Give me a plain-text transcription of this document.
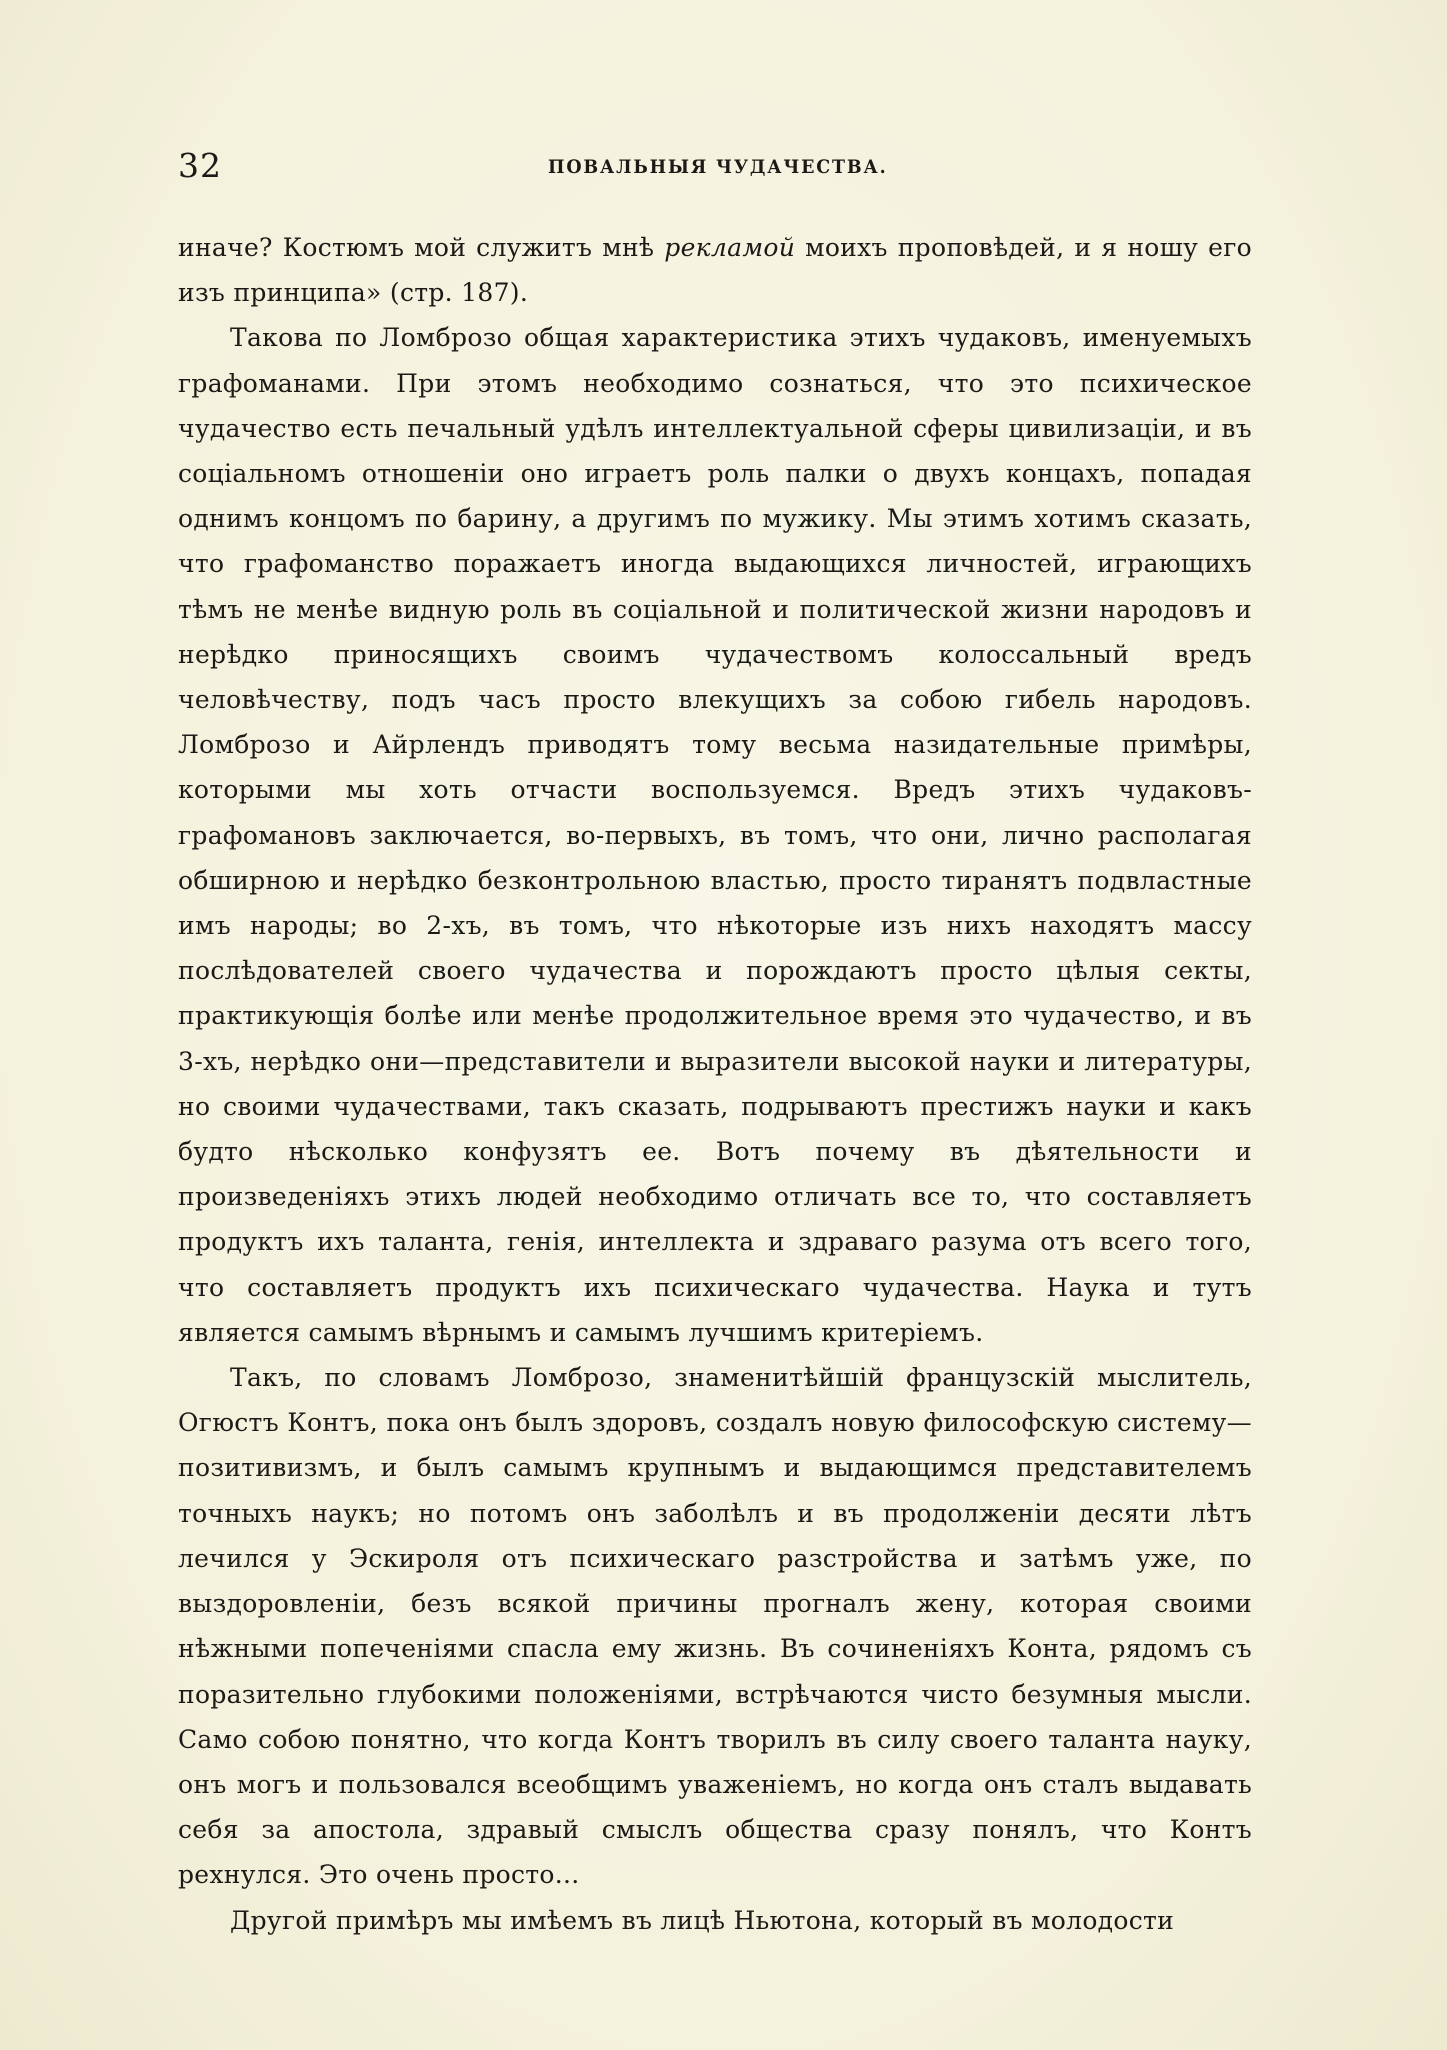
32	ПОВАЛЬНЫЯ ЧУДАЧЕСТВА.

иначе? Костюмъ мой служитъ мнѣ рекламой моихъ проповѣдей, и я ношу его изъ принципа» (стр. 187).

Такова по Ломброзо общая характеристика этихъ чудаковъ, именуемыхъ графоманами. При этомъ необходимо сознаться, что это психическое чудачество есть печальный удѣлъ интеллектуальной сферы цивилизаціи, и въ соціальномъ отношеніи оно играетъ роль палки о двухъ концахъ, попадая однимъ концомъ по барину, а другимъ по мужику. Мы этимъ хотимъ сказать, что графоманство поражаетъ иногда выдающихся личностей, играющихъ тѣмъ не менѣе видную роль въ соціальной и политической жизни народовъ и нерѣдко приносящихъ своимъ чудачествомъ колоссальный вредъ человѣчеству, подъ часъ просто влекущихъ за собою гибель народовъ. Ломброзо и Айрлендъ приводятъ тому весьма назидательные примѣры, которыми мы хоть отчасти воспользуемся. Вредъ этихъ чудаковъ-графомановъ заключается, во-первыхъ, въ томъ, что они, лично располагая обширною и нерѣдко безконтрольною властью, просто тиранятъ подвластные имъ народы; во 2-хъ, въ томъ, что нѣкоторые изъ нихъ находятъ массу послѣдователей своего чудачества и порождаютъ просто цѣлыя секты, практикующія болѣе или менѣе продолжительное время это чудачество, и въ 3-хъ, нерѣдко они—представители и выразители высокой науки и литературы, но своими чудачествами, такъ сказать, подрываютъ престижъ науки и какъ будто нѣсколько конфузятъ ее. Вотъ почему въ дѣятельности и произведеніяхъ этихъ людей необходимо отличать все то, что составляетъ продуктъ ихъ таланта, генія, интеллекта и здраваго разума отъ всего того, что составляетъ продуктъ ихъ психическаго чудачества. Наука и тутъ является самымъ вѣрнымъ и самымъ лучшимъ критеріемъ.

Такъ, по словамъ Ломброзо, знаменитѣйшій французскій мыслитель, Огюстъ Контъ, пока онъ былъ здоровъ, создалъ новую философскую систему—позитивизмъ, и былъ самымъ крупнымъ и выдающимся представителемъ точныхъ наукъ; но потомъ онъ заболѣлъ и въ продолженіи десяти лѣтъ лечился у Эскироля отъ психическаго разстройства и затѣмъ уже, по выздоровленіи, безъ всякой причины прогналъ жену, которая своими нѣжными попеченіями спасла ему жизнь. Въ сочиненіяхъ Конта, рядомъ съ поразительно глубокими положеніями, встрѣчаются чисто безумныя мысли. Само собою понятно, что когда Контъ творилъ въ силу своего таланта науку, онъ могъ и пользовался всеобщимъ уваженіемъ, но когда онъ сталъ выдавать себя за апостола, здравый смыслъ общества сразу понялъ, что Контъ рехнулся. Это очень просто...

Другой примѣръ мы имѣемъ въ лицѣ Ньютона, который въ молодости
